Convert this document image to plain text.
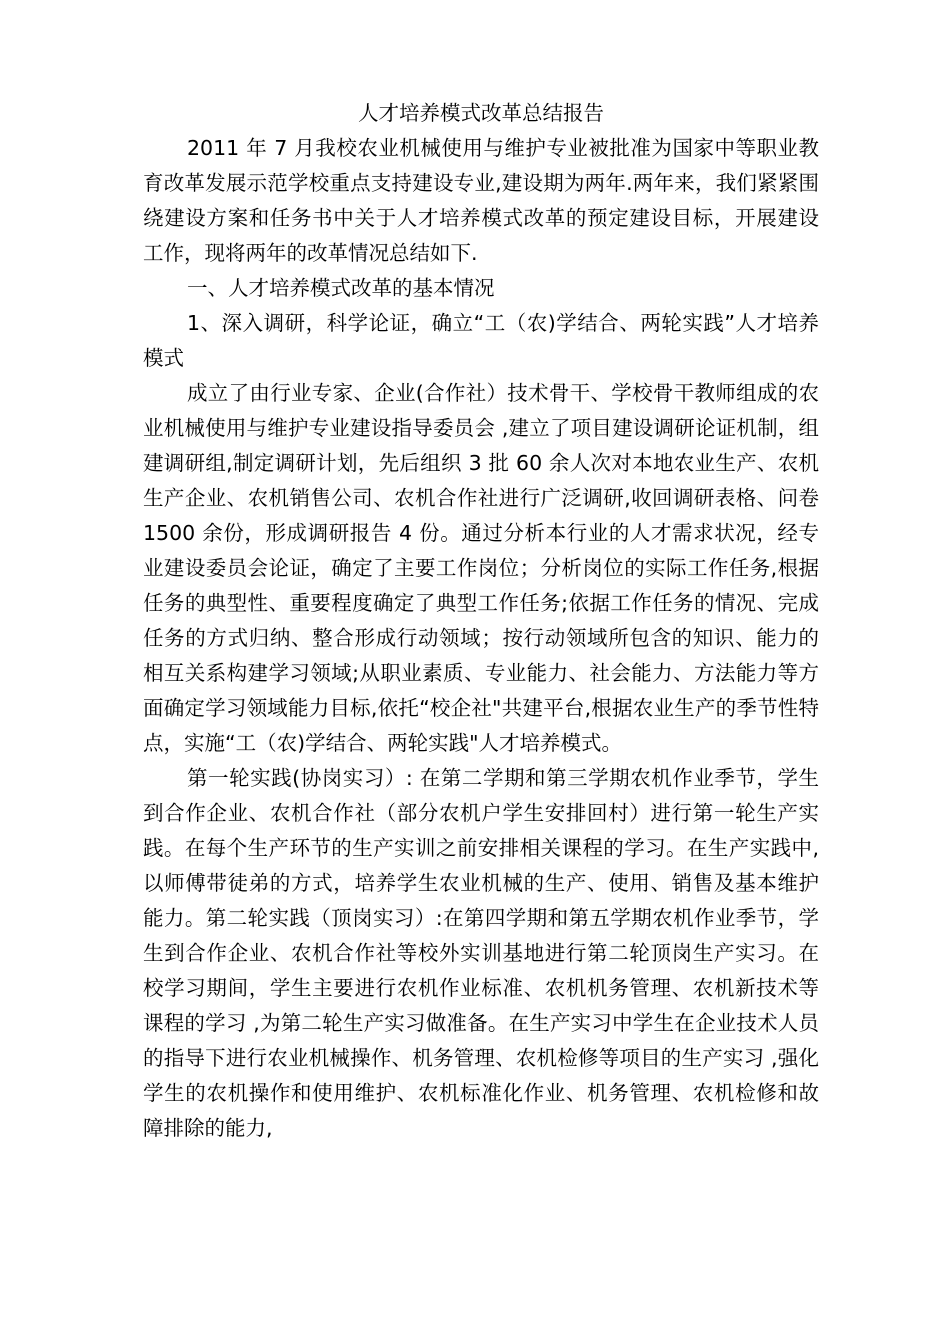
人才培养模式改革总结报告

2011 年 7 月我校农业机械使用与维护专业被批准为国家中等职业教育改革发展示范学校重点支持建设专业,建设期为两年.两年来，我们紧紧围绕建设方案和任务书中关于人才培养模式改革的预定建设目标，开展建设工作，现将两年的改革情况总结如下.

一、人才培养模式改革的基本情况

1、深入调研，科学论证，确立“工（农)学结合、两轮实践”人才培养模式

成立了由行业专家、企业(合作社）技术骨干、学校骨干教师组成的农业机械使用与维护专业建设指导委员会 ,建立了项目建设调研论证机制，组建调研组,制定调研计划，先后组织 3 批 60 余人次对本地农业生产、农机生产企业、农机销售公司、农机合作社进行广泛调研,收回调研表格、问卷 1500 余份，形成调研报告 4 份。通过分析本行业的人才需求状况，经专业建设委员会论证，确定了主要工作岗位；分析岗位的实际工作任务,根据任务的典型性、重要程度确定了典型工作任务;依据工作任务的情况、完成任务的方式归纳、整合形成行动领域；按行动领域所包含的知识、能力的相互关系构建学习领域;从职业素质、专业能力、社会能力、方法能力等方面确定学习领域能力目标,依托“校企社"共建平台,根据农业生产的季节性特点，实施“工（农)学结合、两轮实践"人才培养模式。

第一轮实践(协岗实习）: 在第二学期和第三学期农机作业季节，学生到合作企业、农机合作社（部分农机户学生安排回村）进行第一轮生产实践。在每个生产环节的生产实训之前安排相关课程的学习。在生产实践中,以师傅带徒弟的方式，培养学生农业机械的生产、使用、销售及基本维护能力。第二轮实践（顶岗实习）:在第四学期和第五学期农机作业季节，学生到合作企业、农机合作社等校外实训基地进行第二轮顶岗生产实习。在校学习期间，学生主要进行农机作业标准、农机机务管理、农机新技术等课程的学习 ,为第二轮生产实习做准备。在生产实习中学生在企业技术人员的指导下进行农业机械操作、机务管理、农机检修等项目的生产实习 ,强化学生的农机操作和使用维护、农机标准化作业、机务管理、农机检修和故障排除的能力,
